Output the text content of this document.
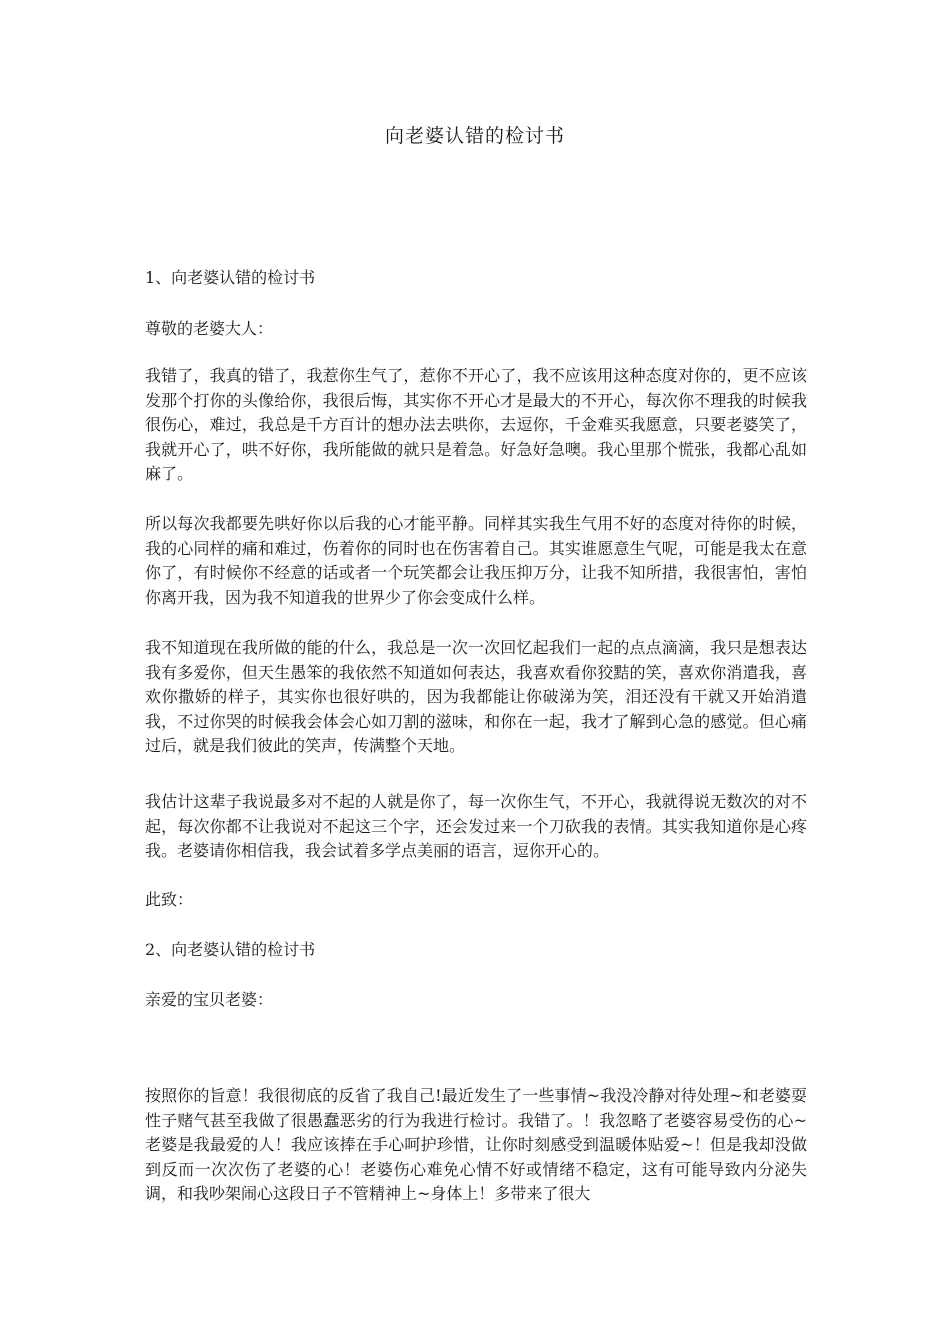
向老婆认错的检讨书
1、向老婆认错的检讨书
尊敬的老婆大人：
我错了，我真的错了，我惹你生气了，惹你不开心了，我不应该用这种态度对你的，更不应该发那个打你的头像给你，我很后悔，其实你不开心才是最大的不开心，每次你不理我的时候我很伤心，难过，我总是千方百计的想办法去哄你，去逗你，千金难买我愿意，只要老婆笑了，我就开心了，哄不好你，我所能做的就只是着急。好急好急噢。我心里那个慌张，我都心乱如麻了。
所以每次我都要先哄好你以后我的心才能平静。同样其实我生气用不好的态度对待你的时候，我的心同样的痛和难过，伤着你的同时也在伤害着自己。其实谁愿意生气呢，可能是我太在意你了，有时候你不经意的话或者一个玩笑都会让我压抑万分，让我不知所措，我很害怕，害怕你离开我，因为我不知道我的世界少了你会变成什么样。
我不知道现在我所做的能的什么，我总是一次一次回忆起我们一起的点点滴滴，我只是想表达我有多爱你，但天生愚笨的我依然不知道如何表达，我喜欢看你狡黠的笑，喜欢你消遣我，喜欢你撒娇的样子，其实你也很好哄的，因为我都能让你破涕为笑，泪还没有干就又开始消遣我，不过你哭的时候我会体会心如刀割的滋味，和你在一起，我才了解到心急的感觉。但心痛过后，就是我们彼此的笑声，传满整个天地。
我估计这辈子我说最多对不起的人就是你了，每一次你生气，不开心，我就得说无数次的对不起，每次你都不让我说对不起这三个字，还会发过来一个刀砍我的表情。其实我知道你是心疼我。老婆请你相信我，我会试着多学点美丽的语言，逗你开心的。
此致：
2、向老婆认错的检讨书
亲爱的宝贝老婆：
按照你的旨意！我很彻底的反省了我自己!最近发生了一些事情~我没冷静对待处理~和老婆耍性子赌气甚至我做了很愚蠢恶劣的行为我进行检讨。我错了。！我忽略了老婆容易受伤的心~老婆是我最爱的人！我应该捧在手心呵护珍惜，让你时刻感受到温暖体贴爱~！但是我却没做到反而一次次伤了老婆的心！老婆伤心难免心情不好或情绪不稳定，这有可能导致内分泌失调，和我吵架闹心这段日子不管精神上~身体上！多带来了很大
